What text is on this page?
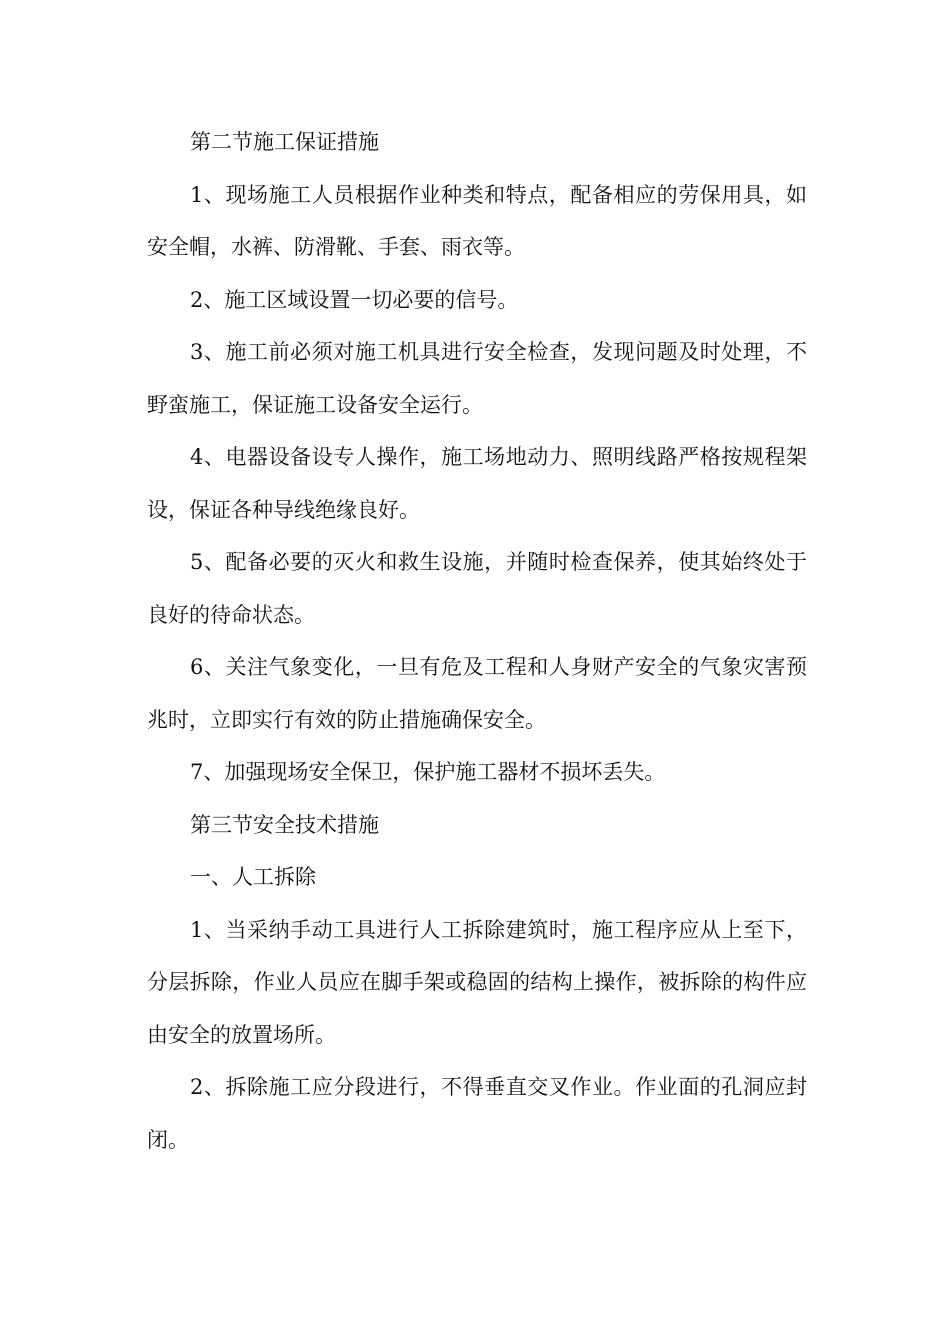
第二节施工保证措施

1、现场施工人员根据作业种类和特点，配备相应的劳保用具，如安全帽，水裤、防滑靴、手套、雨衣等。

2、施工区域设置一切必要的信号。

3、施工前必须对施工机具进行安全检查，发现问题及时处理，不野蛮施工，保证施工设备安全运行。

4、电器设备设专人操作，施工场地动力、照明线路严格按规程架设，保证各种导线绝缘良好。

5、配备必要的灭火和救生设施，并随时检查保养，使其始终处于良好的待命状态。

6、关注气象变化，一旦有危及工程和人身财产安全的气象灾害预兆时，立即实行有效的防止措施确保安全。

7、加强现场安全保卫，保护施工器材不损坏丢失。

第三节安全技术措施

一、人工拆除

1、当采纳手动工具进行人工拆除建筑时，施工程序应从上至下，分层拆除，作业人员应在脚手架或稳固的结构上操作，被拆除的构件应由安全的放置场所。

2、拆除施工应分段进行，不得垂直交叉作业。作业面的孔洞应封闭。
